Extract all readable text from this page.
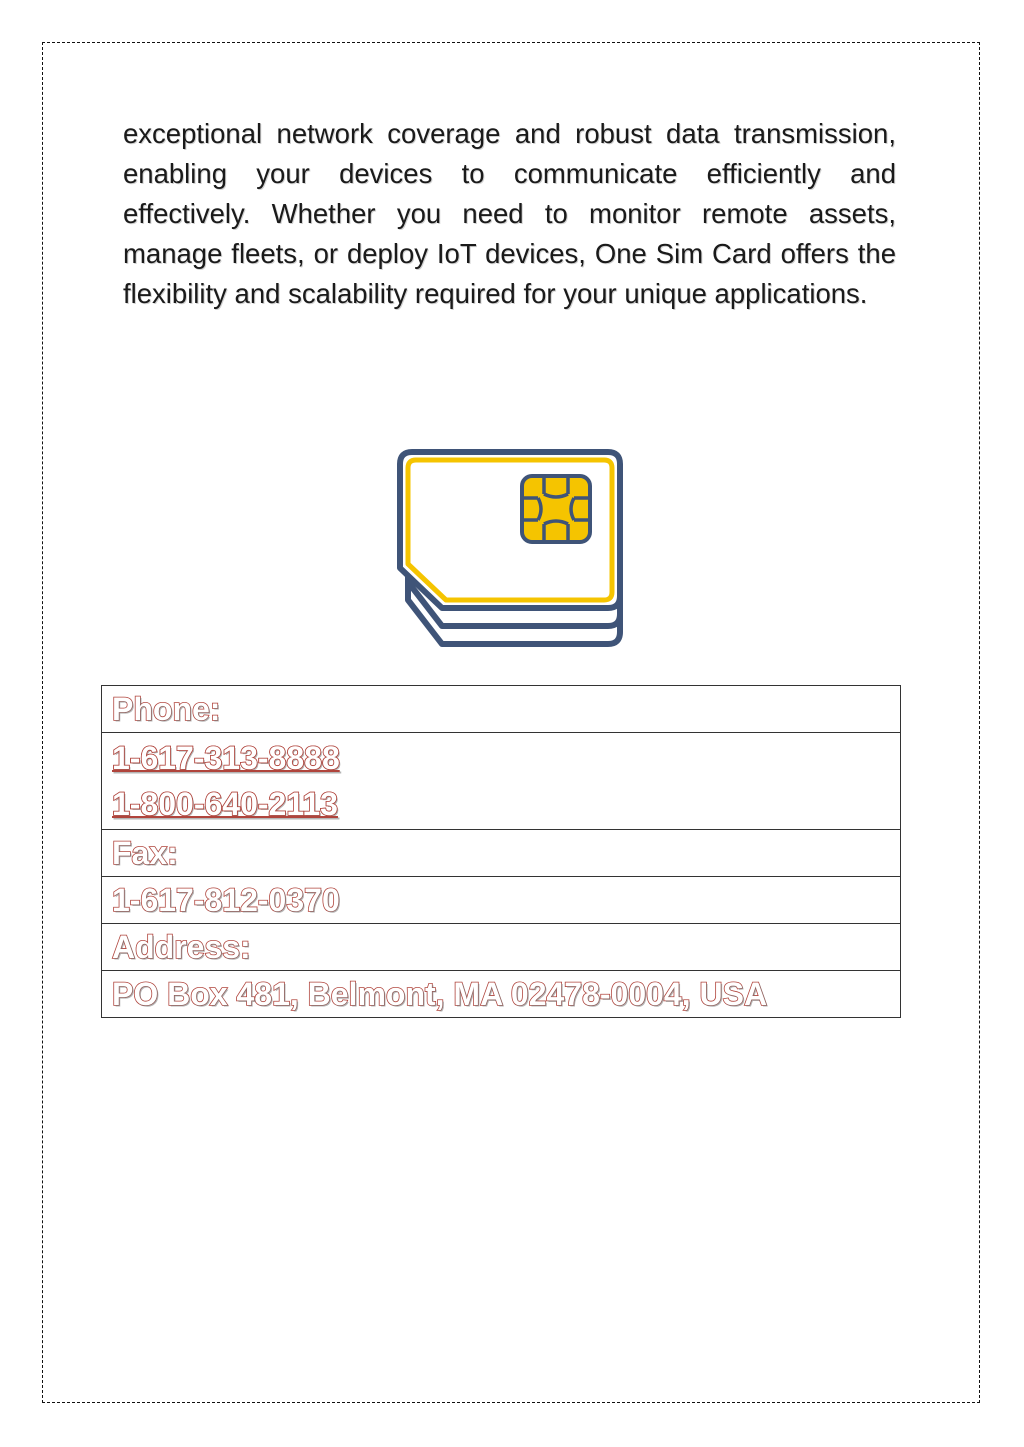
exceptional network coverage and robust data transmission, enabling your devices to communicate efficiently and effectively. Whether you need to monitor remote assets, manage fleets, or deploy IoT devices, One Sim Card offers the flexibility and scalability required for your unique applications.

Phone:

1-617-313-8888
1-800-640-2113

Fax:
1-617-812-0370
Address:
PO Box 481, Belmont, MA 02478-0004, USA
